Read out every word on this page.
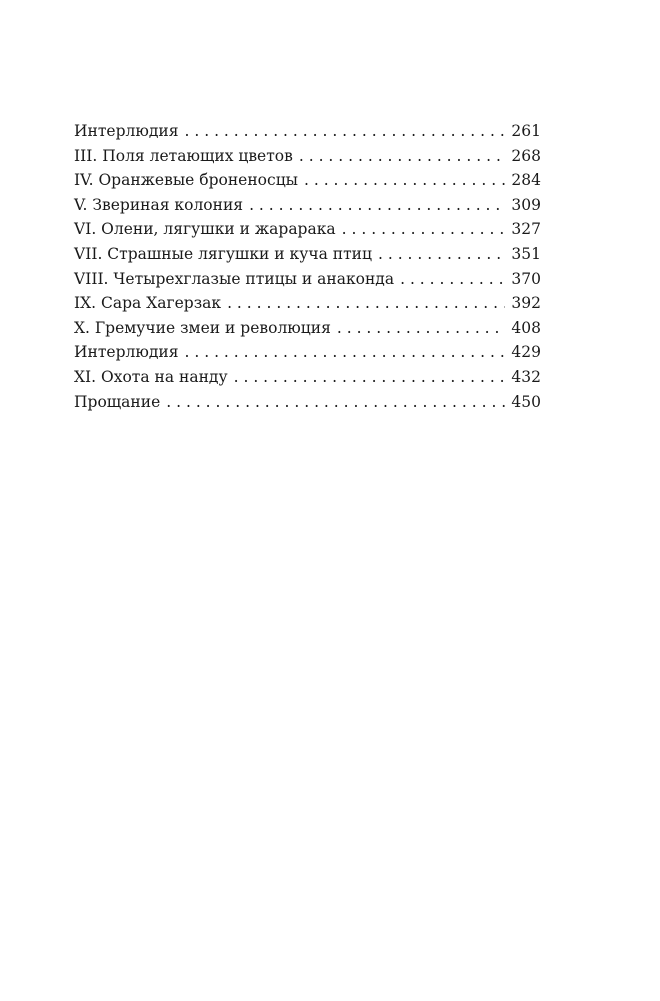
Интерлюдия . . .	261
III. Поля летающих цветов . . .	268
IV. Оранжевые броненосцы . . .	284
V. Звериная колония . . .	309
VI. Олени, лягушки и жарарака . . .	327
VII. Страшные лягушки и куча птиц . . .	351
VIII. Четырехглазые птицы и анаконда . . .	370
IX. Сара Хагерзак . . .	392
X. Гремучие змеи и революция . . .	408
Интерлюдия . . .	429
XI. Охота на нанду . . .	432
Прощание . . .	450
